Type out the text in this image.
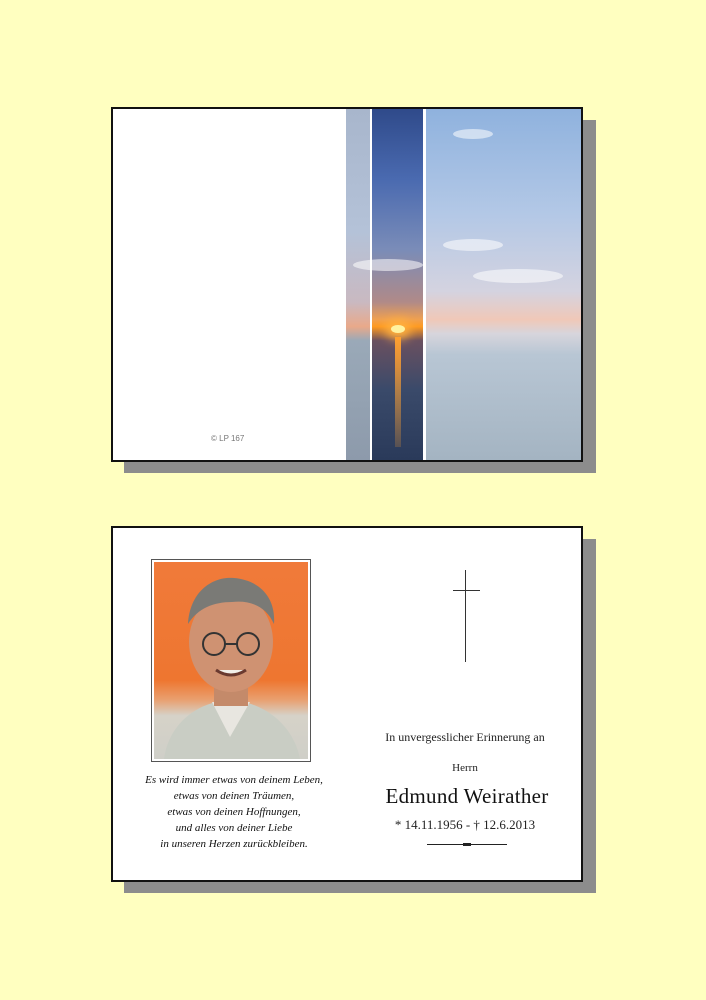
© LP 167
Es wird immer etwas von deinem Leben,
etwas von deinen Träumen,
etwas von deinen Hoffnungen,
und alles von deiner Liebe
in unseren Herzen zurückbleiben.
In unvergesslicher Erinnerung an
Herrn
Edmund Weirather
* 14.11.1956 - † 12.6.2013
